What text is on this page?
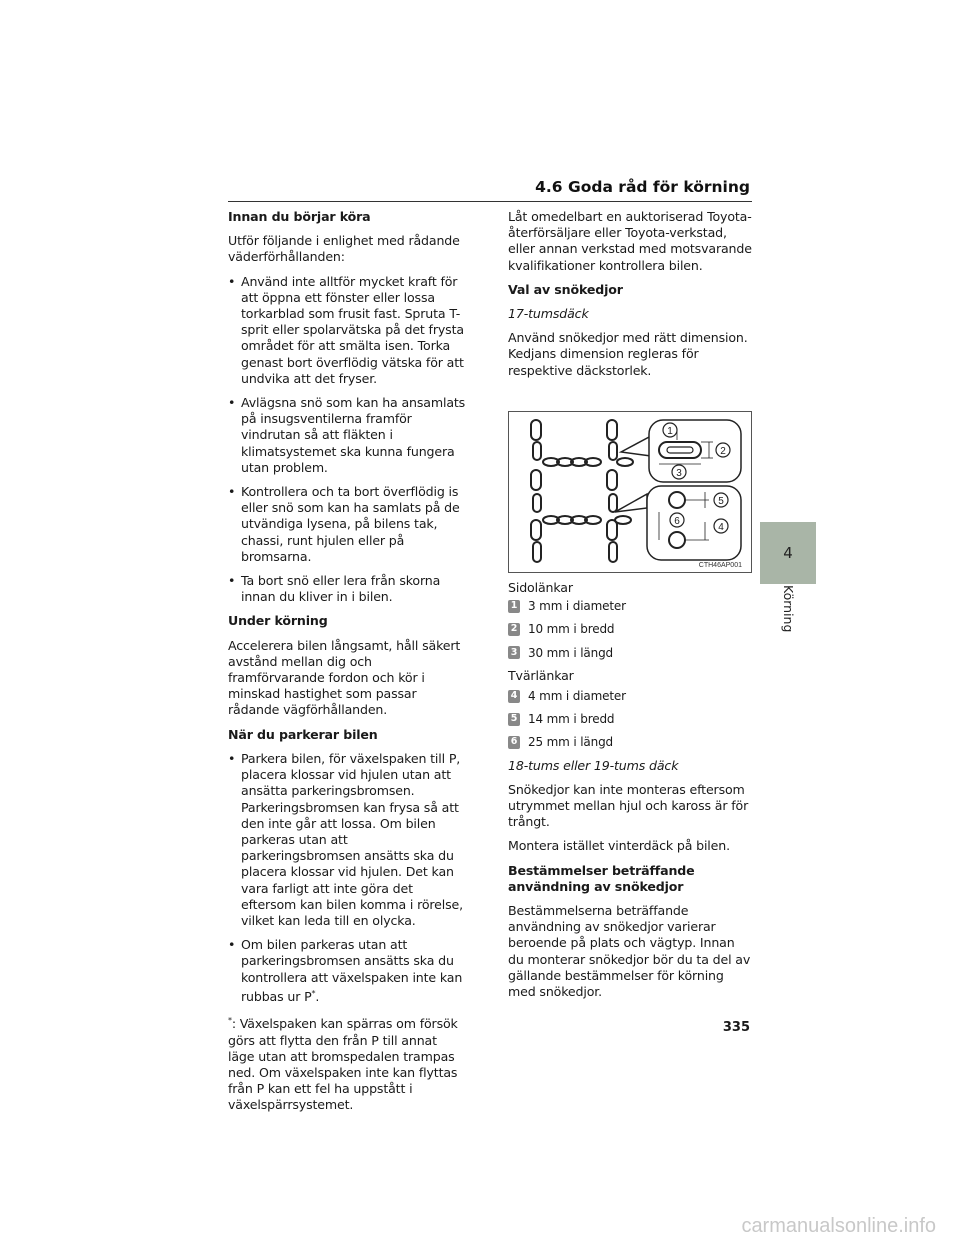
4.6 Goda råd för körning

Innan du börjar köra

Utför följande i enlighet med rådande väderförhållanden:

• Använd inte alltför mycket kraft för att öppna ett fönster eller lossa torkarblad som frusit fast. Spruta T-sprit eller spolarvätska på det frysta området för att smälta isen. Torka genast bort överflödig vätska för att undvika att det fryser.
• Avlägsna snö som kan ha ansamlats på insugsventilerna framför vindrutan så att fläkten i klimatsystemet ska kunna fungera utan problem.
• Kontrollera och ta bort överflödig is eller snö som kan ha samlats på de utvändiga lysena, på bilens tak, chassi, runt hjulen eller på bromsarna.
• Ta bort snö eller lera från skorna innan du kliver in i bilen.

Under körning

Accelerera bilen långsamt, håll säkert avstånd mellan dig och framförvarande fordon och kör i minskad hastighet som passar rådande vägförhållanden.

När du parkerar bilen

• Parkera bilen, för växelspaken till P, placera klossar vid hjulen utan att ansätta parkeringsbromsen. Parkeringsbromsen kan frysa så att den inte går att lossa. Om bilen parkeras utan att parkeringsbromsen ansätts ska du placera klossar vid hjulen. Det kan vara farligt att inte göra det eftersom kan bilen komma i rörelse, vilket kan leda till en olycka.
• Om bilen parkeras utan att parkeringsbromsen ansätts ska du kontrollera att växelspaken inte kan rubbas ur P*.

*: Växelspaken kan spärras om försök görs att flytta den från P till annat läge utan att bromspedalen trampas ned. Om växelspaken inte kan flyttas från P kan ett fel ha uppstått i växelspärrsystemet.

Låt omedelbart en auktoriserad Toyota-återförsäljare eller Toyota-verkstad, eller annan verkstad med motsvarande kvalifikationer kontrollera bilen.

Val av snökedjor

17-tumsdäck

Använd snökedjor med rätt dimension. Kedjans dimension regleras för respektive däckstorlek.

1
2
3
5
6
4
CTH46AP001

Sidolänkar

1 3 mm i diameter
2 10 mm i bredd
3 30 mm i längd

Tvärlänkar

4 4 mm i diameter
5 14 mm i bredd
6 25 mm i längd

18-tums eller 19-tums däck

Snökedjor kan inte monteras eftersom utrymmet mellan hjul och kaross är för trångt.

Montera istället vinterdäck på bilen.

Bestämmelser beträffande användning av snökedjor

Bestämmelserna beträffande användning av snökedjor varierar beroende på plats och vägtyp. Innan du monterar snökedjor bör du ta del av gällande bestämmelser för körning med snökedjor.

4
Körning
335
carmanualsonline.info
